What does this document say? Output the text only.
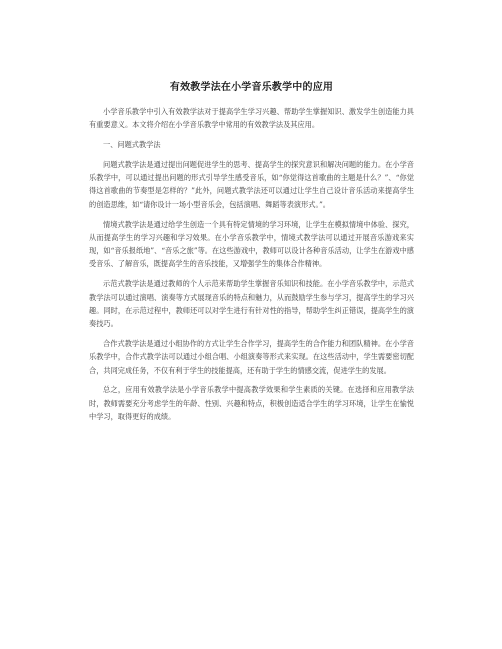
有效教学法在小学音乐教学中的应用

小学音乐教学中引入有效教学法对于提高学生学习兴趣、帮助学生掌握知识、激发学生创造能力具有重要意义。本文将介绍在小学音乐教学中常用的有效教学法及其应用。

一、问题式教学法

问题式教学法是通过提出问题促进学生的思考、提高学生的探究意识和解决问题的能力。在小学音乐教学中，可以通过提出问题的形式引导学生感受音乐，如“你觉得这首歌曲的主题是什么？”、“你觉得这首歌曲的节奏型是怎样的？”此外，问题式教学法还可以通过让学生自己设计音乐活动来提高学生的创造思维，如“请你设计一场小型音乐会，包括演唱、舞蹈等表演形式。”。

情境式教学法是通过给学生创造一个具有特定情境的学习环境，让学生在模拟情境中体验、探究，从而提高学生的学习兴趣和学习效果。在小学音乐教学中，情境式教学法可以通过开展音乐游戏来实现，如“音乐报纸地”、“音乐之旅”等。在这些游戏中，教师可以设计各种音乐活动，让学生在游戏中感受音乐、了解音乐，既提高学生的音乐技能，又增强学生的集体合作精神。

示范式教学法是通过教师的个人示范来帮助学生掌握音乐知识和技能。在小学音乐教学中，示范式教学法可以通过演唱、演奏等方式展现音乐的特点和魅力，从而鼓励学生参与学习，提高学生的学习兴趣。同时，在示范过程中，教师还可以对学生进行有针对性的指导，帮助学生纠正错误，提高学生的演奏技巧。

合作式教学法是通过小组协作的方式让学生合作学习，提高学生的合作能力和团队精神。在小学音乐教学中，合作式教学法可以通过小组合唱、小组演奏等形式来实现。在这些活动中，学生需要密切配合，共同完成任务，不仅有利于学生的技能提高，还有助于学生的情感交流，促进学生的发展。

总之，应用有效教学法是小学音乐教学中提高教学效果和学生素质的关键。在选择和应用教学法时，教师需要充分考虑学生的年龄、性别、兴趣和特点，积极创造适合学生的学习环境，让学生在愉悦中学习，取得更好的成绩。
